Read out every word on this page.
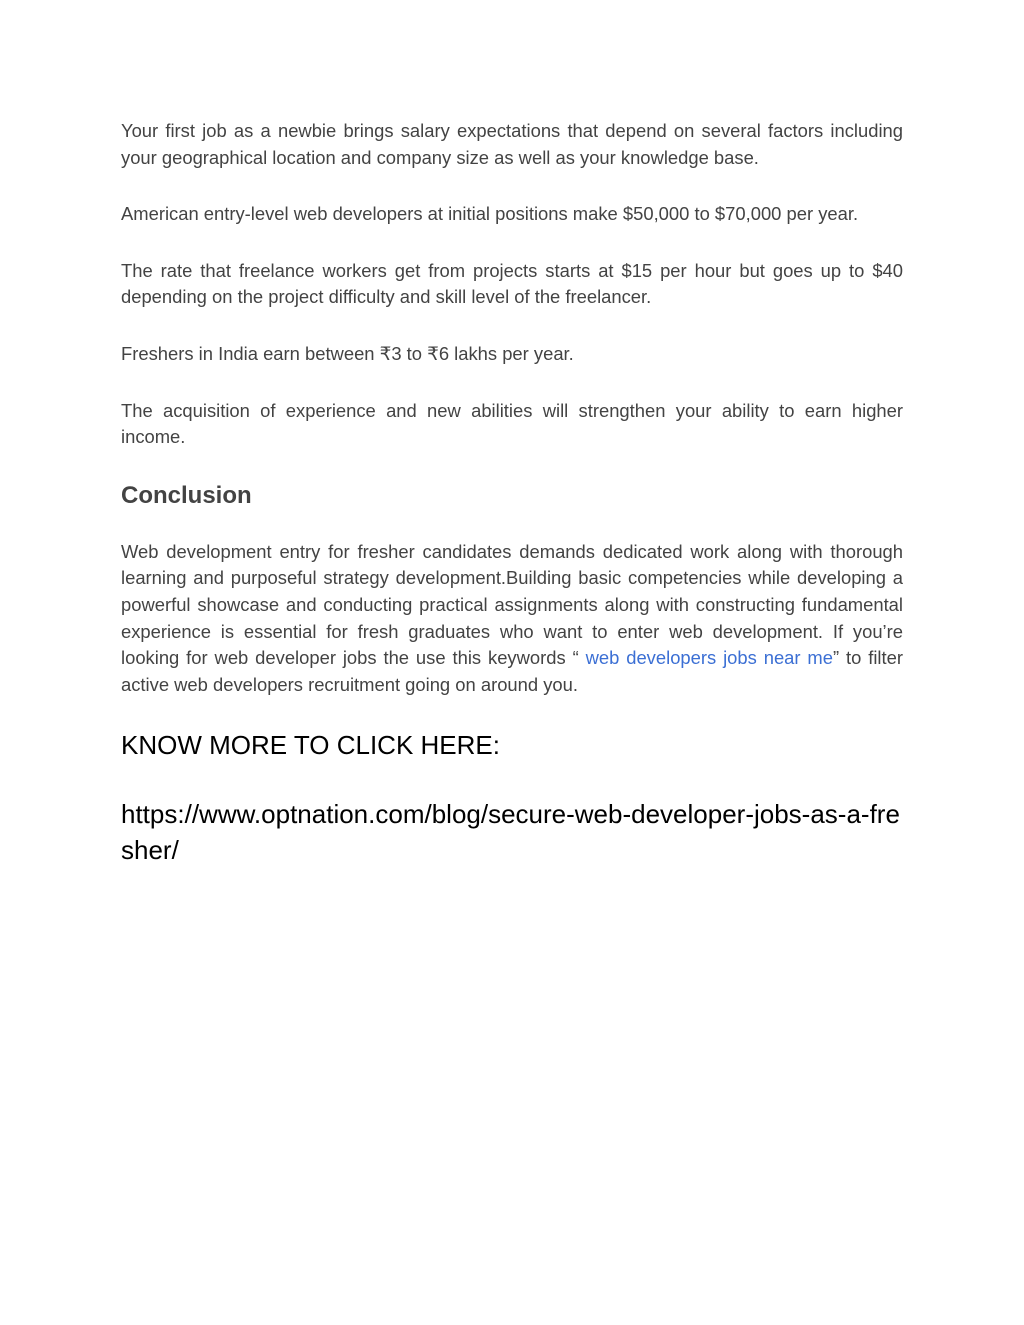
Your first job as a newbie brings salary expectations that depend on several factors including your geographical location and company size as well as your knowledge base.

American entry-level web developers at initial positions make $50,000 to $70,000 per year.

The rate that freelance workers get from projects starts at $15 per hour but goes up to $40 depending on the project difficulty and skill level of the freelancer.

Freshers in India earn between ₹3 to ₹6 lakhs per year.

The acquisition of experience and new abilities will strengthen your ability to earn higher income.

Conclusion

Web development entry for fresher candidates demands dedicated work along with thorough learning and purposeful strategy development.Building basic competencies while developing a powerful showcase and conducting practical assignments along with constructing fundamental experience is essential for fresh graduates who want to enter web development. If you’re looking for web developer jobs the use this keywords “ web developers jobs near me” to filter active web developers recruitment going on around you.

KNOW MORE TO CLICK HERE:

https://www.optnation.com/blog/secure-web-developer-jobs-as-a-fresher/
